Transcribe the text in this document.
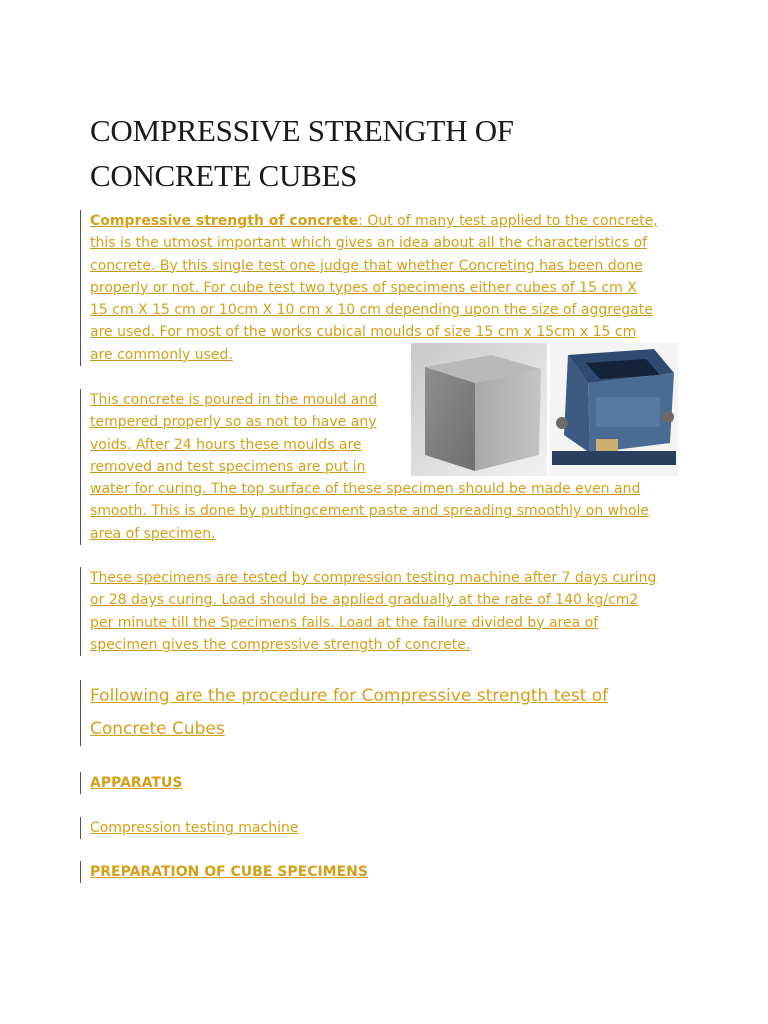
COMPRESSIVE STRENGTH OF
CONCRETE CUBES
Compressive strength of concrete: Out of many test applied to the concrete,
this is the utmost important which gives an idea about all the characteristics of
concrete. By this single test one judge that whether Concreting has been done
properly or not. For cube test two types of specimens either cubes of 15 cm X
15 cm X 15 cm or 10cm X 10 cm x 10 cm depending upon the size of aggregate
are used. For most of the works cubical moulds of size 15 cm x 15cm x 15 cm
are commonly used.
This concrete is poured in the mould and
tempered properly so as not to have any
voids. After 24 hours these moulds are
removed and test specimens are put in
water for curing. The top surface of these specimen should be made even and
smooth. This is done by puttingcement paste and spreading smoothly on whole
area of specimen.
These specimens are tested by compression testing machine after 7 days curing
or 28 days curing. Load should be applied gradually at the rate of 140 kg/cm2
per minute till the Specimens fails. Load at the failure divided by area of
specimen gives the compressive strength of concrete.
Following are the procedure for Compressive strength test of
Concrete Cubes
APPARATUS
Compression testing machine
PREPARATION OF CUBE SPECIMENS
